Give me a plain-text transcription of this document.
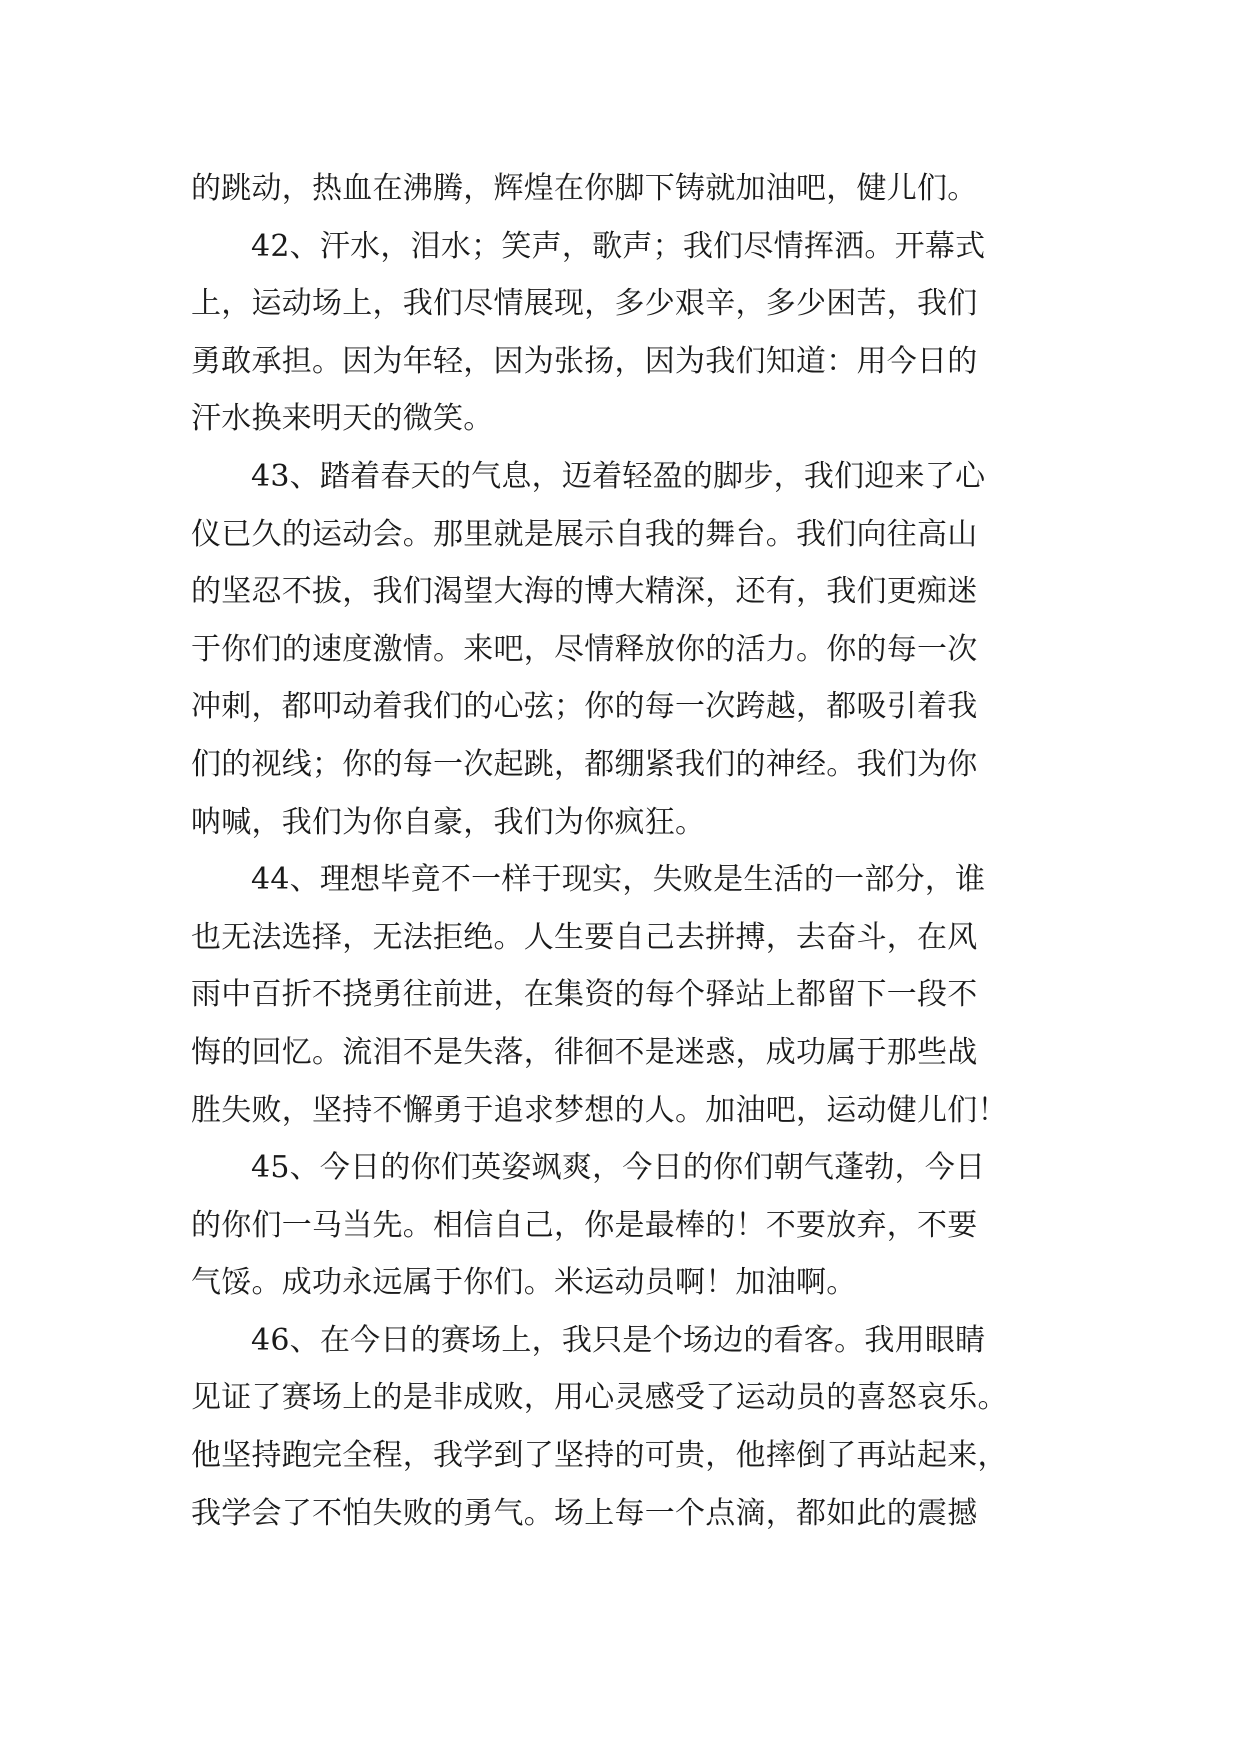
的跳动，热血在沸腾，辉煌在你脚下铸就加油吧，健儿们。
42、汗水，泪水；笑声，歌声；我们尽情挥洒。开幕式
上，运动场上，我们尽情展现，多少艰辛，多少困苦，我们
勇敢承担。因为年轻，因为张扬，因为我们知道：用今日的
汗水换来明天的微笑。
43、踏着春天的气息，迈着轻盈的脚步，我们迎来了心
仪已久的运动会。那里就是展示自我的舞台。我们向往高山
的坚忍不拔，我们渴望大海的博大精深，还有，我们更痴迷
于你们的速度激情。来吧，尽情释放你的活力。你的每一次
冲刺，都叩动着我们的心弦；你的每一次跨越，都吸引着我
们的视线；你的每一次起跳，都绷紧我们的神经。我们为你
呐喊，我们为你自豪，我们为你疯狂。
44、理想毕竟不一样于现实，失败是生活的一部分，谁
也无法选择，无法拒绝。人生要自己去拼搏，去奋斗，在风
雨中百折不挠勇往前进，在集资的每个驿站上都留下一段不
悔的回忆。流泪不是失落，徘徊不是迷惑，成功属于那些战
胜失败，坚持不懈勇于追求梦想的人。加油吧，运动健儿们！
45、今日的你们英姿飒爽，今日的你们朝气蓬勃，今日
的你们一马当先。相信自己，你是最棒的！不要放弃，不要
气馁。成功永远属于你们。米运动员啊！加油啊。
46、在今日的赛场上，我只是个场边的看客。我用眼睛
见证了赛场上的是非成败，用心灵感受了运动员的喜怒哀乐。
他坚持跑完全程，我学到了坚持的可贵，他摔倒了再站起来，
我学会了不怕失败的勇气。场上每一个点滴，都如此的震撼
